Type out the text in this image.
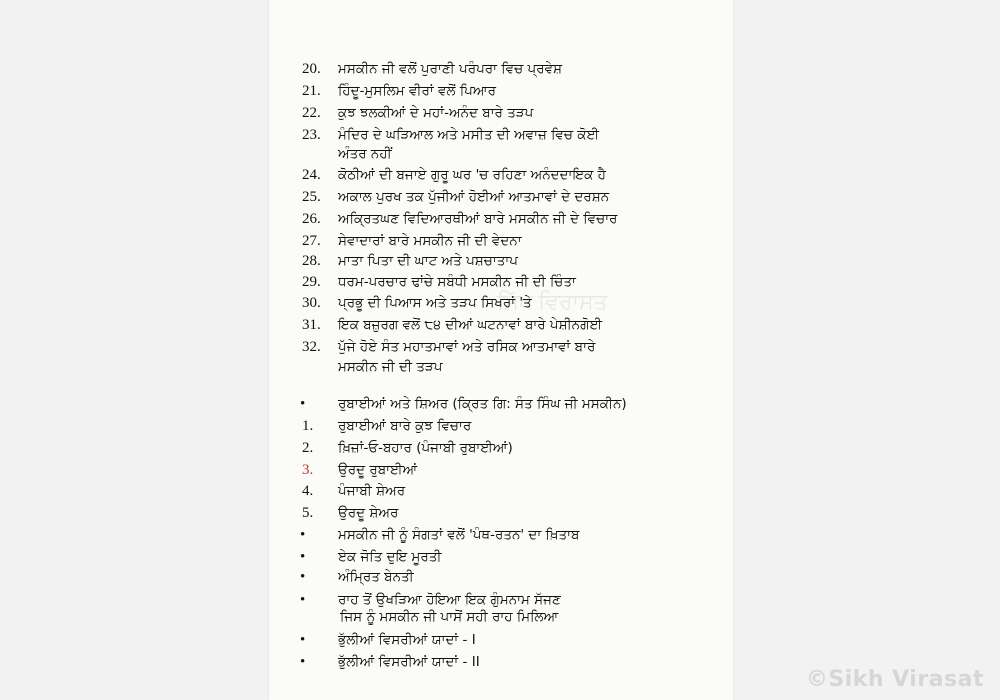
ਸਿੱਖ ਵਿਰਾਸਤ
20.	ਮਸਕੀਨ ਜੀ ਵਲੋਂ ਪੁਰਾਣੀ ਪਰੰਪਰਾ ਵਿਚ ਪ੍ਰਵੇਸ਼
21.	ਹਿੰਦੂ-ਮੁਸਲਿਮ ਵੀਰਾਂ ਵਲੋਂ ਪਿਆਰ
22.	ਕੁਝ ਝਲਕੀਆਂ ਦੇ ਮਹਾਂ-ਅਨੰਦ ਬਾਰੇ ਤੜਪ
23.	ਮੰਦਿਰ ਦੇ ਘੜਿਆਲ ਅਤੇ ਮਸੀਤ ਦੀ ਅਵਾਜ਼ ਵਿਚ ਕੋਈ
ਅੰਤਰ ਨਹੀਂ
24.	ਕੋਠੀਆਂ ਦੀ ਬਜਾਏ ਗੁਰੂ ਘਰ 'ਚ ਰਹਿਣਾ ਅਨੰਦਦਾਇਕ ਹੈ
25.	ਅਕਾਲ ਪੁਰਖ ਤਕ ਪੁੱਜੀਆਂ ਹੋਈਆਂ ਆਤਮਾਵਾਂ ਦੇ ਦਰਸ਼ਨ
26.	ਅਕ੍ਰਿਤਘਣ ਵਿਦਿਆਰਥੀਆਂ ਬਾਰੇ ਮਸਕੀਨ ਜੀ ਦੇ ਵਿਚਾਰ
27.	ਸੇਵਾਦਾਰਾਂ ਬਾਰੇ ਮਸਕੀਨ ਜੀ ਦੀ ਵੇਦਨਾ
28.	ਮਾਤਾ ਪਿਤਾ ਦੀ ਘਾਟ ਅਤੇ ਪਸ਼ਚਾਤਾਪ
29.	ਧਰਮ-ਪਰਚਾਰ ਢਾਂਚੇ ਸਬੰਧੀ ਮਸਕੀਨ ਜੀ ਦੀ ਚਿੰਤਾ
30.	ਪ੍ਰਭੂ ਦੀ ਪਿਆਸ ਅਤੇ ਤੜਪ ਸਿਖਰਾਂ 'ਤੇ
31.	ਇਕ ਬਜ਼ੁਰਗ ਵਲੋਂ ੮੪ ਦੀਆਂ ਘਟਨਾਵਾਂ ਬਾਰੇ ਪੇਸ਼ੀਨਗੋਈ
32.	ਪੁੱਜੇ ਹੋਏ ਸੰਤ ਮਹਾਤਮਾਵਾਂ ਅਤੇ ਰਸਿਕ ਆਤਮਾਵਾਂ ਬਾਰੇ
ਮਸਕੀਨ ਜੀ ਦੀ ਤੜਪ
• ਰੁਬਾਈਆਂ ਅਤੇ ਸ਼ਿਅਰ (ਕ੍ਰਿਤ ਗਿ: ਸੰਤ ਸਿੰਘ ਜੀ ਮਸਕੀਨ)
1.	ਰੁਬਾਈਆਂ ਬਾਰੇ ਕੁਝ ਵਿਚਾਰ
2.	ਖ਼ਿਜ਼ਾਂ-ਓ-ਬਹਾਰ (ਪੰਜਾਬੀ ਰੁਬਾਈਆਂ)
3.	ਉਰਦੂ ਰੁਬਾਈਆਂ
4.	ਪੰਜਾਬੀ ਸ਼ੇਅਰ
5.	ਉਰਦੂ ਸ਼ੇਅਰ
• ਮਸਕੀਨ ਜੀ ਨੂੰ ਸੰਗਤਾਂ ਵਲੋਂ 'ਪੰਥ-ਰਤਨ' ਦਾ ਖ਼ਿਤਾਬ
• ਏਕ ਜੋਤਿ ਦੁਇ ਮੂਰਤੀ
• ਅੰਮ੍ਰਿਤ ਬੇਨਤੀ
• ਰਾਹ ਤੋਂ ਉਖੜਿਆ ਹੋਇਆ ਇਕ ਗੁੰਮਨਾਮ ਸੱਜਣ
ਜਿਸ ਨੂੰ ਮਸਕੀਨ ਜੀ ਪਾਸੋਂ ਸਹੀ ਰਾਹ ਮਿਲਿਆ
• ਭੁੱਲੀਆਂ ਵਿਸਰੀਆਂ ਯਾਦਾਂ - I
• ਭੁੱਲੀਆਂ ਵਿਸਰੀਆਂ ਯਾਦਾਂ - II
©Sikh Virasat
